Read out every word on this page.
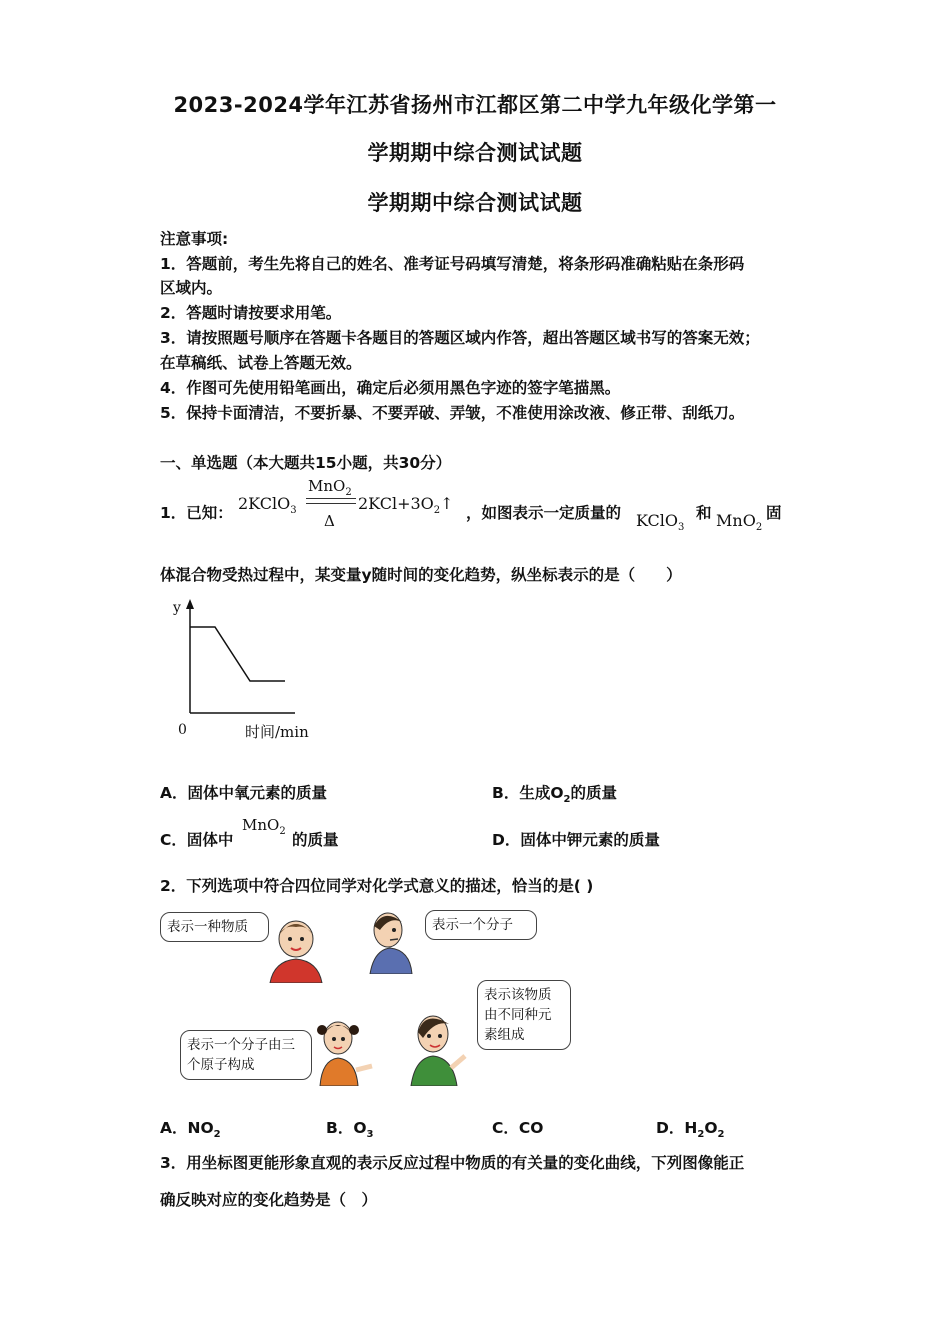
2023-2024学年江苏省扬州市江都区第二中学九年级化学第一
学期期中综合测试试题
学期期中综合测试试题
注意事项:
1．答题前，考生先将自己的姓名、准考证号码填写清楚，将条形码准确粘贴在条形码
区域内。
2．答题时请按要求用笔。
3．请按照题号顺序在答题卡各题目的答题区域内作答，超出答题区域书写的答案无效；
在草稿纸、试卷上答题无效。
4．作图可先使用铅笔画出，确定后必须用黑色字迹的签字笔描黑。
5．保持卡面清洁，不要折暴、不要弄破、弄皱，不准使用涂改液、修正带、刮纸刀。
一、单选题（本大题共15小题，共30分）
1．已知： 2KClO$_3$
MnO$_2$
Δ
$2KCl+3O_2↑$ ，如图表示一定质量的 KClO$_3$
和 MnO$_2$
固
体混合物受热过程中，某变量y随时间的变化趋势，纵坐标表示的是（　　）
y
0	时间/min
A．固体中氧元素的质量	B．生成$O_2$的质量
C．固体中
MnO$_2$ 的质量	D．固体中钾元素的质量
2．下列选项中符合四位同学对化学式意义的描述，恰当的是( )
表示一种物质	表示一个分子
表示该物质由不同种元素组成
表示一个分子由三个原子构成
A．$NO_2$	B．$O_3$	C．CO	D．$H_2O_2$
3．用坐标图更能形象直观的表示反应过程中物质的有关量的变化曲线，下列图像能正
确反映对应的变化趋势是（　）
